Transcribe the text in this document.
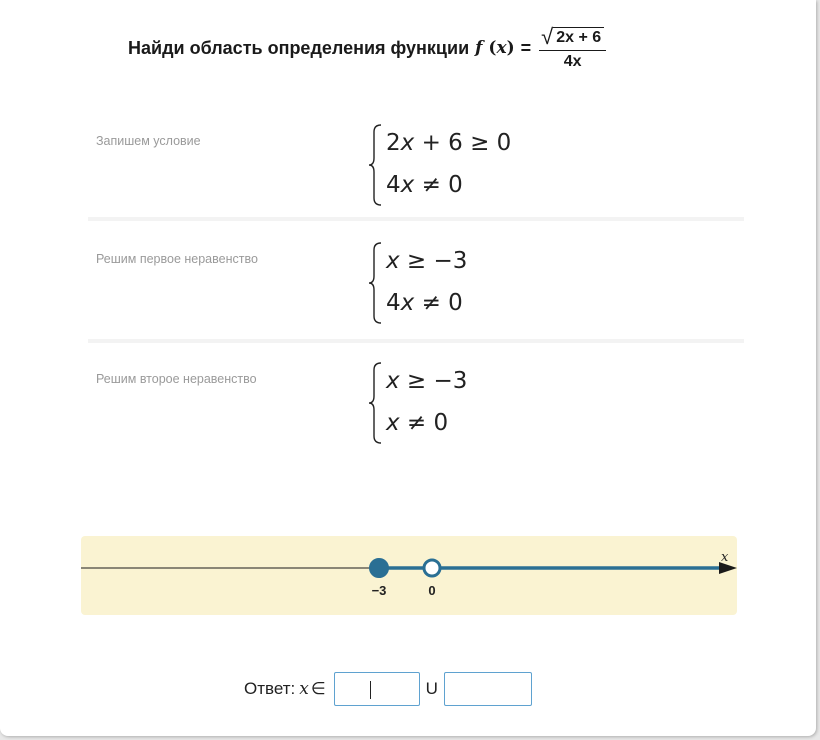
Найди область определения функции f $(x) = \frac{√ 2x + 6}{4x}$
Запишем условие	2x + 6 ≥ 0
4x ≠ 0
Решим первое неравенство	x ≥ −3
4x ≠ 0
Решим второе неравенство	x ≥ −3
x ≠ 0
x
−3	0
Ответ: x ∈	U
